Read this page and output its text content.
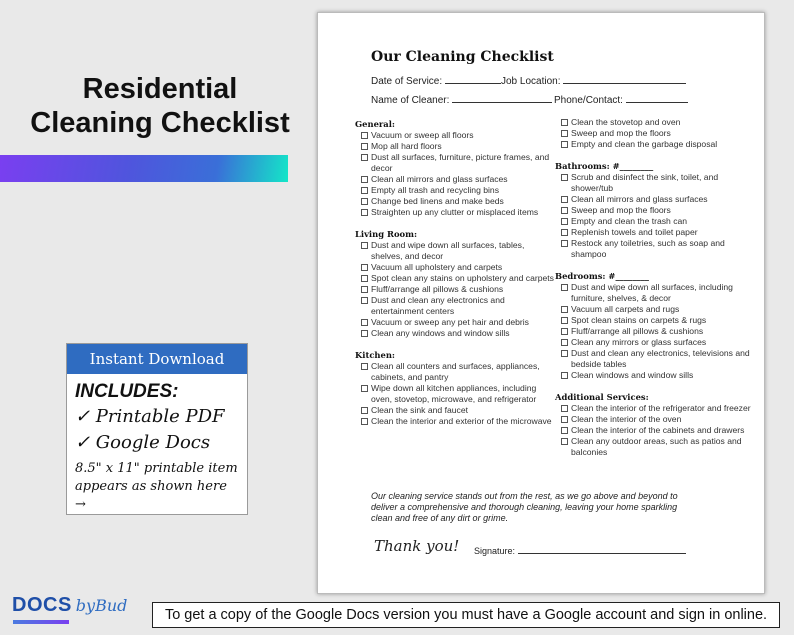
Residential
Cleaning Checklist
Instant Download
INCLUDES:
✓ Printable PDF
✓ Google Docs
8.5" x 11" printable item appears as shown here →
Our Cleaning Checklist
Date of Service:	Job Location:
Name of Cleaner:	Phone/Contact:
General:
Vacuum or sweep all floors
Mop all hard floors
Dust all surfaces, furniture, picture frames, and decor
Clean all mirrors and glass surfaces
Empty all trash and recycling bins
Change bed linens and make beds
Straighten up any clutter or misplaced items
Living Room:
Dust and wipe down all surfaces, tables, shelves, and decor
Vacuum all upholstery and carpets
Spot clean any stains on upholstery and carpets
Fluff/arrange all pillows & cushions
Dust and clean any electronics and entertainment centers
Vacuum or sweep any pet hair and debris
Clean any windows and window sills
Kitchen:
Clean all counters and surfaces, appliances, cabinets, and pantry
Wipe down all kitchen appliances, including oven, stovetop, microwave, and refrigerator
Clean the sink and faucet
Clean the interior and exterior of the microwave
Clean the stovetop and oven
Sweep and mop the floors
Empty and clean the garbage disposal
Bathrooms: #________
Scrub and disinfect the sink, toilet, and shower/tub
Clean all mirrors and glass surfaces
Sweep and mop the floors
Empty and clean the trash can
Replenish towels and toilet paper
Restock any toiletries, such as soap and shampoo
Bedrooms: #________
Dust and wipe down all surfaces, including furniture, shelves, & decor
Vacuum all carpets and rugs
Spot clean stains on carpets & rugs
Fluff/arrange all pillows & cushions
Clean any mirrors or glass surfaces
Dust and clean any electronics, televisions and bedside tables
Clean windows and window sills
Additional Services:
Clean the interior of the refrigerator and freezer
Clean the interior of the oven
Clean the interior of the cabinets and drawers
Clean any outdoor areas, such as patios and balconies
Our cleaning service stands out from the rest, as we go above and beyond to deliver a comprehensive and thorough cleaning, leaving your home sparkling clean and free of any dirt or grime.
Thank you! Signature:
DOCS byBud	To get a copy of the Google Docs version you must have a Google account and sign in online.
